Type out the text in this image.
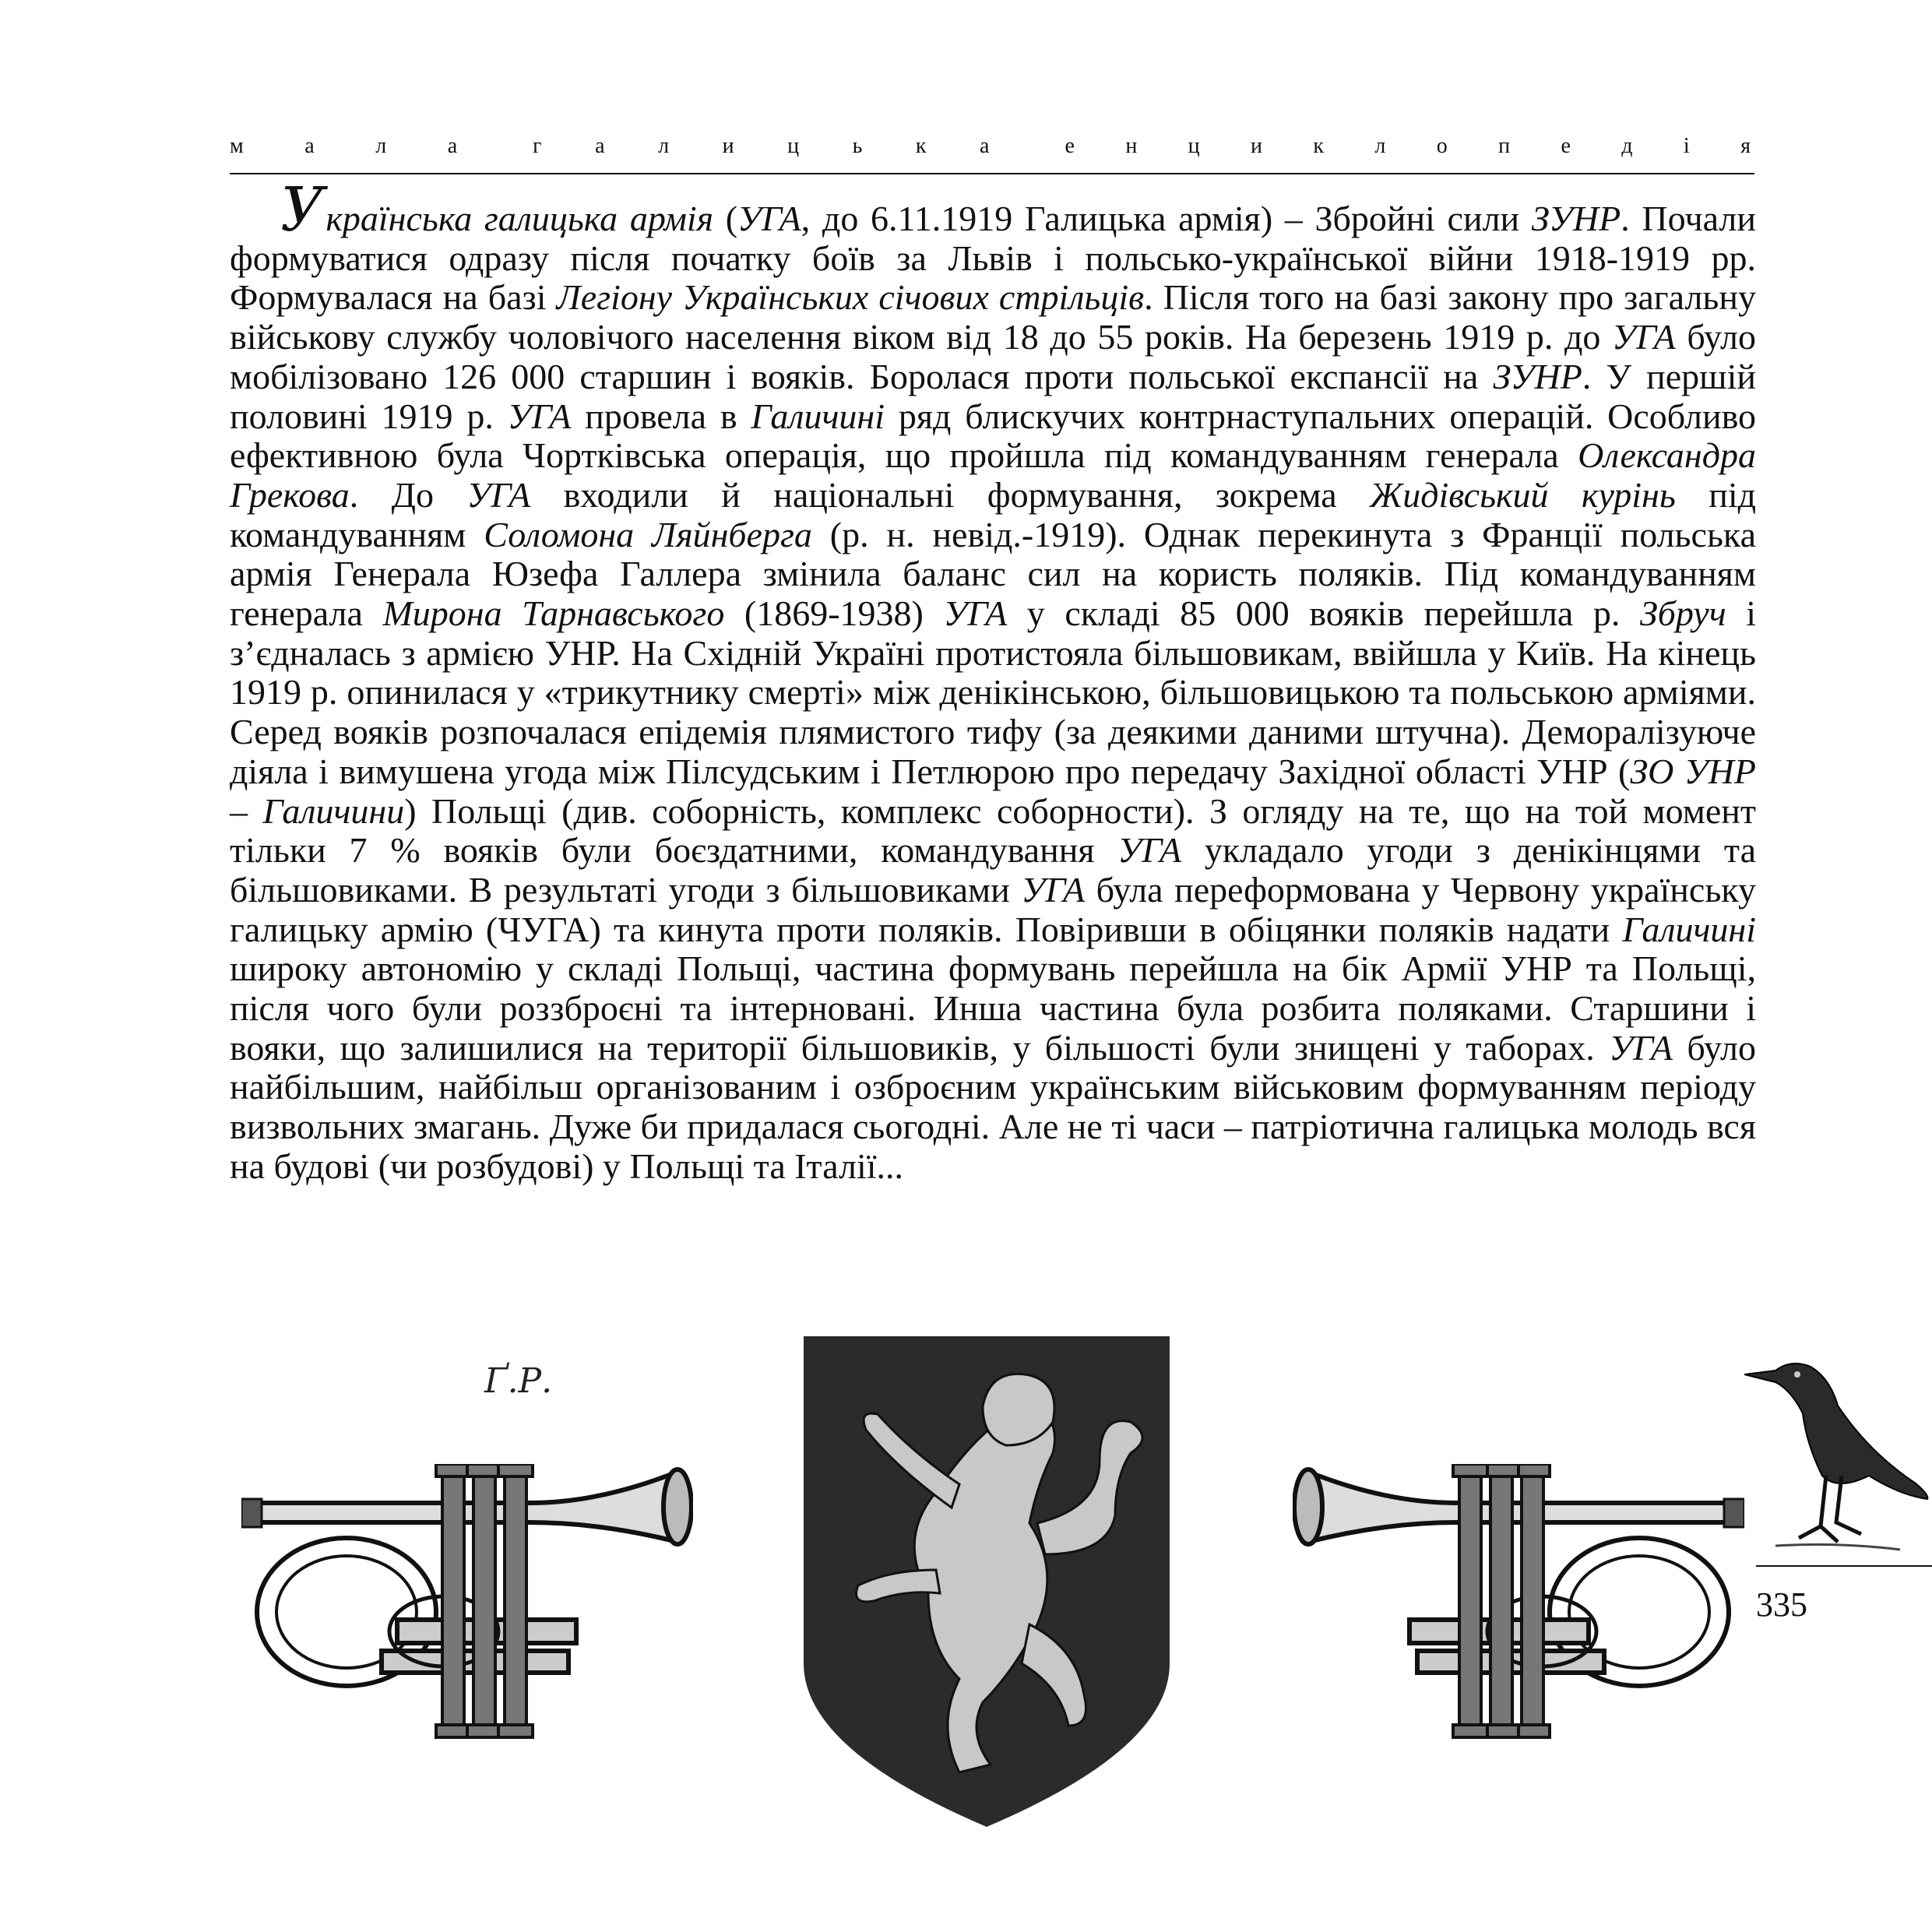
м	а	л	а	г а л и ц ь к а	е н ц и к л о п е д і я

Українська галицька армія (УГА, до 6.11.1919 Галицька армія) – Збройні сили ЗУНР. Почали формуватися одразу після початку боїв за Львів і польсько-української війни 1918-1919 рр. Формувалася на базі Легіону Українських січових стрільців. Після того на базі закону про загальну військову службу чоловічого населення віком від 18 до 55 років. На березень 1919 р. до УГА було мобілізовано 126 000 старшин і вояків. Боролася проти польської експансії на ЗУНР. У першій половині 1919 р. УГА провела в Галичині ряд блискучих контрнаступальних операцій. Особливо ефективною була Чортківська операція, що пройшла під командуванням генерала Олександра Грекова. До УГА входили й національні формування, зокрема Жидівський курінь під командуванням Соломона Ляйнберга (р. н. невід.-1919). Однак перекинута з Франції польська армія Генерала Юзефа Галлера змінила баланс сил на користь поляків. Під командуванням генерала Мирона Тарнавського (1869-1938) УГА у складі 85 000 вояків перейшла р. Збруч і з’єдналась з армією УНР. На Східній Україні протистояла більшовикам, ввійшла у Київ. На кінець 1919 р. опинилася у «трикутнику смерті» між денікінською, більшовицькою та польською арміями. Серед вояків розпочалася епідемія плямистого тифу (за деякими даними штучна). Деморалізуюче діяла і вимушена угода між Пілсудським і Петлюрою про передачу Західної області УНР (ЗО УНР – Галичини) Польщі (див. соборність, комплекс соборности). З огляду на те, що на той момент тільки 7 % вояків були боєздатними, командування УГА укладало угоди з денікінцями та більшовиками. В результаті угоди з більшовиками УГА була переформована у Червону українську галицьку армію (ЧУГА) та кинута проти поляків. Повіривши в обіцянки поляків надати Галичині широку автономію у складі Польщі, частина формувань перейшла на бік Армії УНР та Польщі, після чого були роззброєні та інтерновані. Инша частина була розбита поляками. Старшини і вояки, що залишилися на території більшовиків, у більшості були знищені у таборах. УГА було найбільшим, найбільш організованим і озброєним українським військовим формуванням періоду визвольних змагань. Дуже би придалася сьогодні. Але не ті часи – патріотична галицька молодь вся на будові (чи розбудові) у Польщі та Італії...

Ґ.Р.
335
